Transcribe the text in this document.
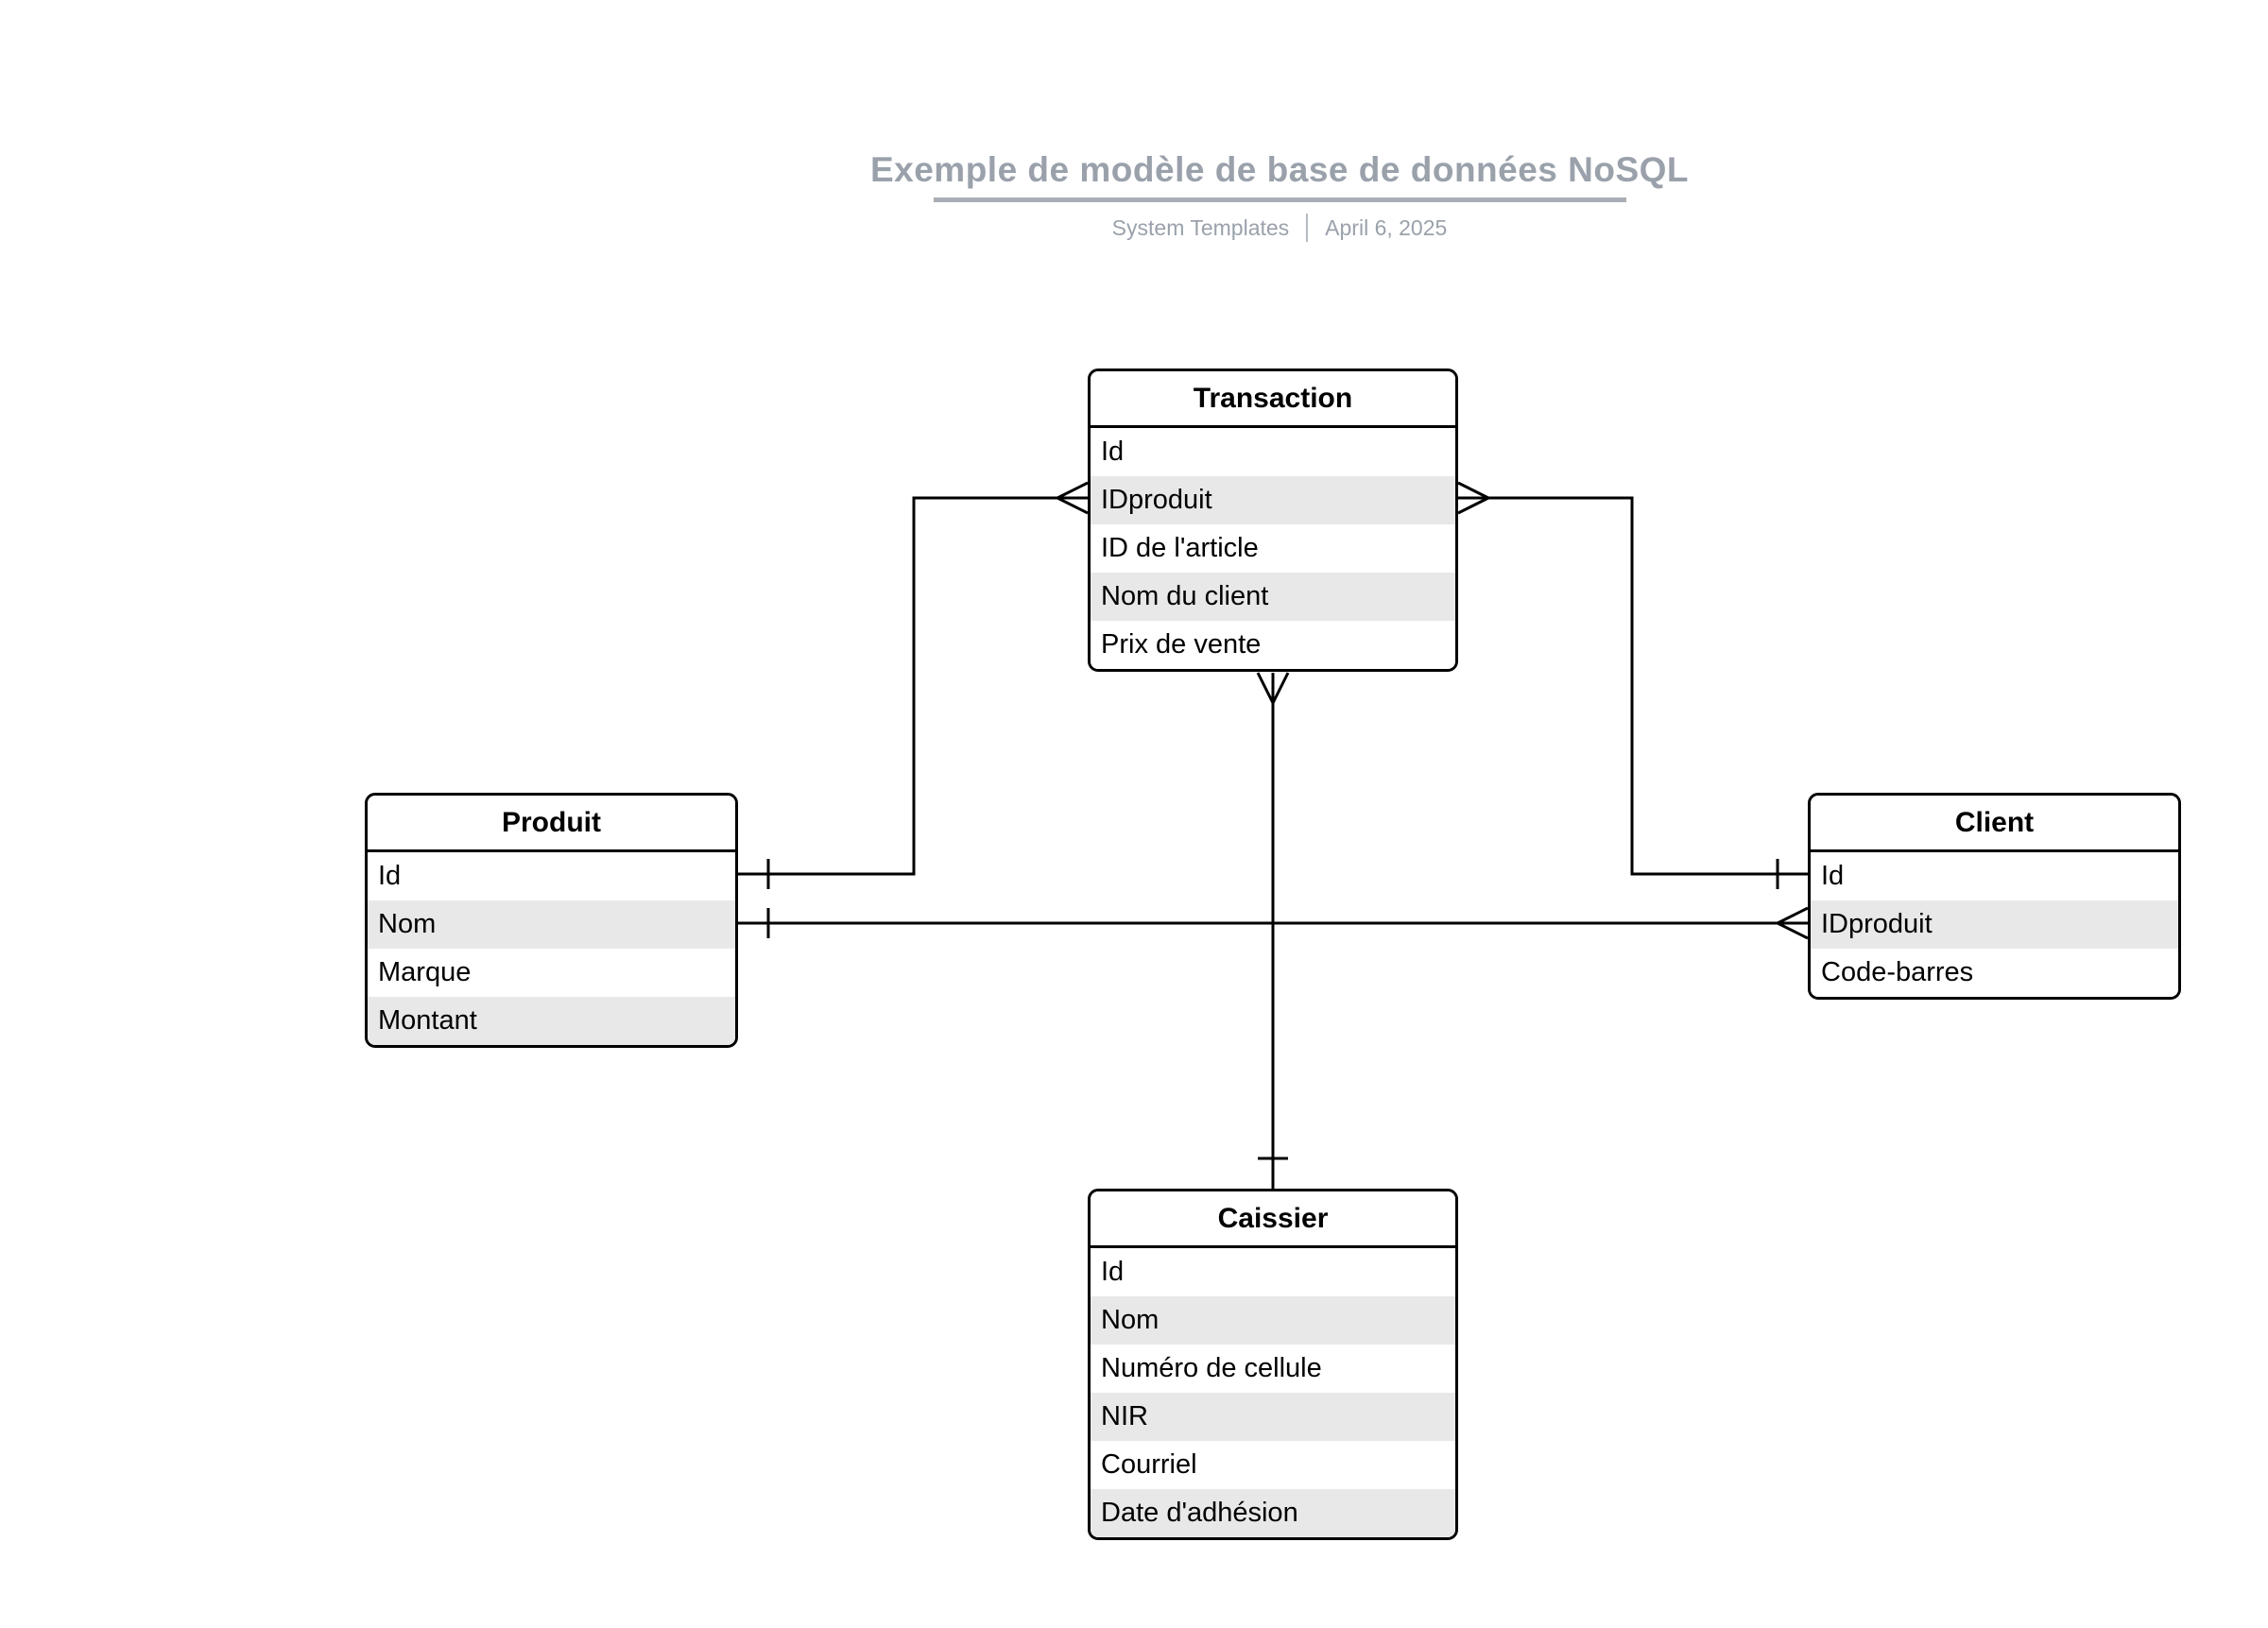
Exemple de modèle de base de données NoSQL
System Templates April 6, 2025
Transaction
Id
IDproduit
ID de l'article
Nom du client
Prix de vente
Produit
Id
Nom
Marque
Montant
Client
Id
IDproduit
Code-barres
Caissier
Id
Nom
Numéro de cellule
NIR
Courriel
Date d'adhésion
